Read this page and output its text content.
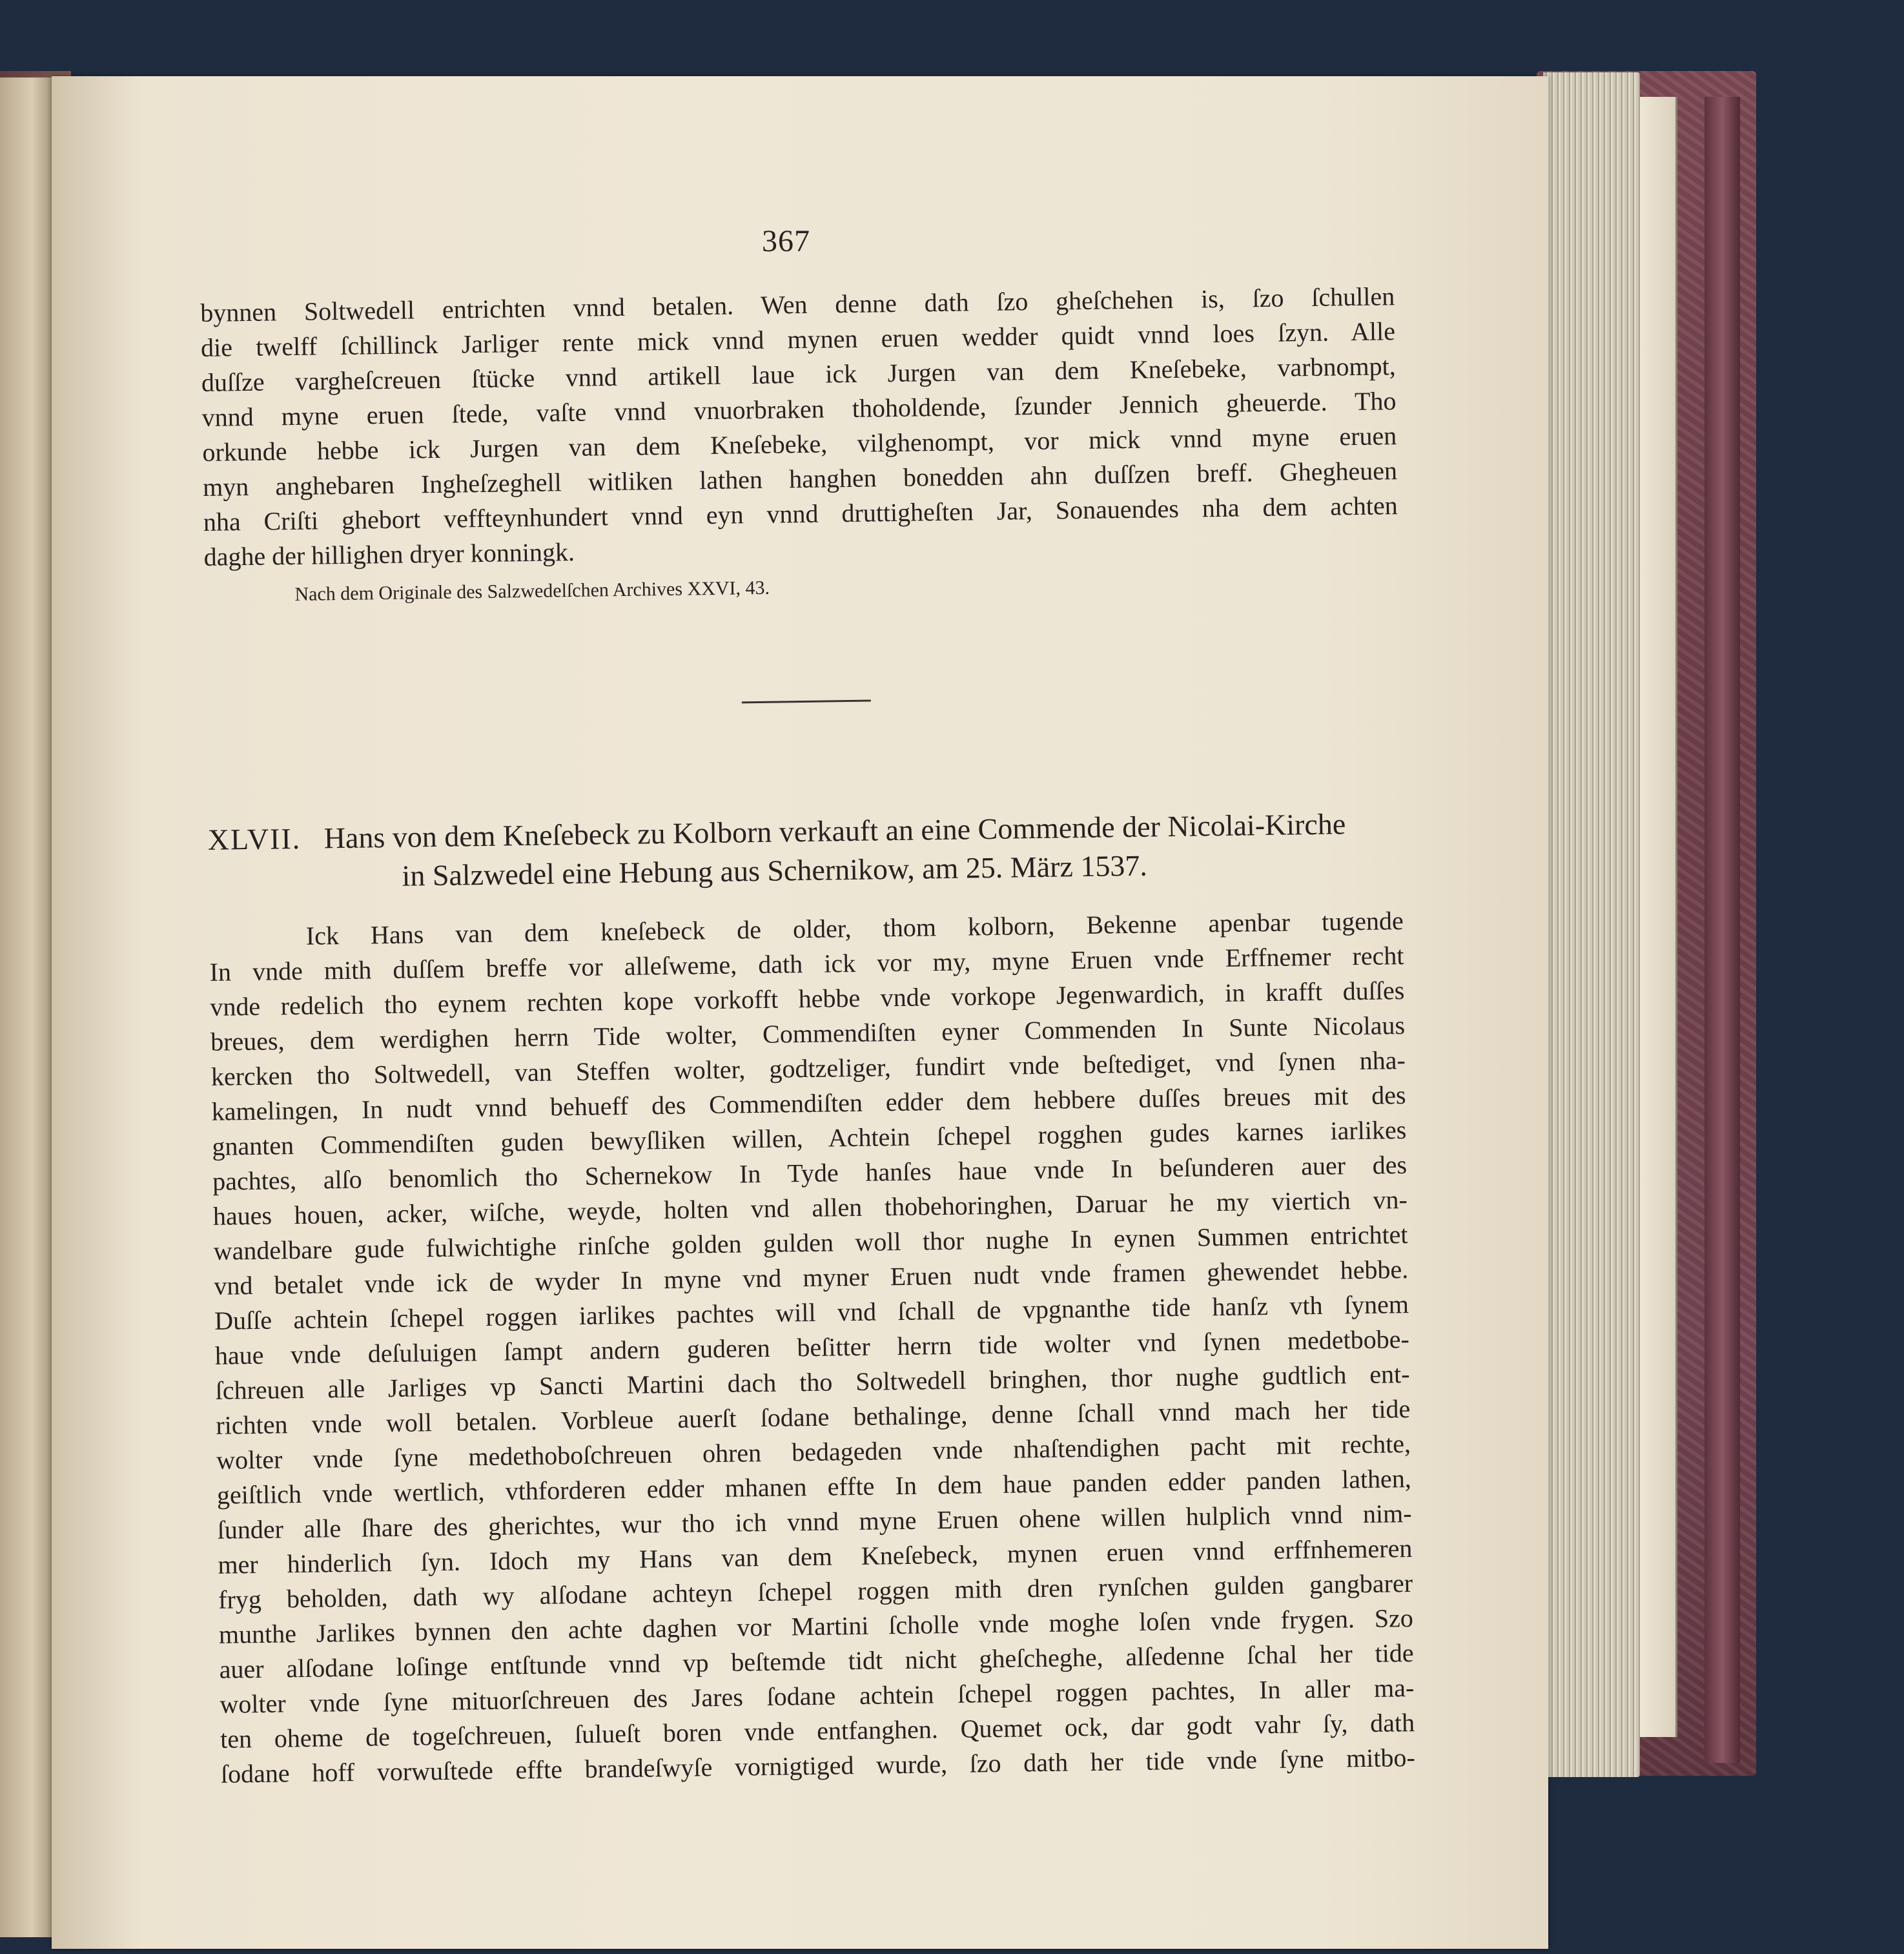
367
bynnen Soltwedell entrichten vnnd betalen. Wen denne dath ſzo gheſchehen is, ſzo ſchullen
die twelff ſchillinck Jarliger rente mick vnnd mynen eruen wedder quidt vnnd loes ſzyn. Alle
duſſze vargheſcreuen ſtücke vnnd artikell laue ick Jurgen van dem Kneſebeke, varbnompt,
vnnd myne eruen ſtede, vaſte vnnd vnuorbraken thoholdende, ſzunder Jennich gheuerde. Tho
orkunde hebbe ick Jurgen van dem Kneſebeke, vilghenompt, vor mick vnnd myne eruen
myn anghebaren Ingheſzeghell witliken lathen hanghen bonedden ahn duſſzen breff. Ghegheuen
nha Criſti ghebort veffteynhundert vnnd eyn vnnd druttigheſten Jar, Sonauendes nha dem achten
daghe der hillighen dryer konningk.
Nach dem Originale des Salzwedelſchen Archives XXVI, 43.
XLVII. Hans von dem Kneſebeck zu Kolborn verkauft an eine Commende der Nicolai-Kirche
in Salzwedel eine Hebung aus Schernikow, am 25. März 1537.
Ick Hans van dem kneſebeck de older, thom kolborn, Bekenne apenbar tugende
In vnde mith duſſem breffe vor alleſweme, dath ick vor my, myne Eruen vnde Erffnemer recht
vnde redelich tho eynem rechten kope vorkofft hebbe vnde vorkope Jegenwardich, in krafft duſſes
breues, dem werdighen herrn Tide wolter, Commendiſten eyner Commenden In Sunte Nicolaus
kercken tho Soltwedell, van Steffen wolter, godtzeliger, fundirt vnde beſtediget, vnd ſynen nha-
kamelingen, In nudt vnnd behueff des Commendiſten edder dem hebbere duſſes breues mit des
gnanten Commendiſten guden bewyſliken willen, Achtein ſchepel rogghen gudes karnes iarlikes
pachtes, alſo benomlich tho Schernekow In Tyde hanſes haue vnde In beſunderen auer des
haues houen, acker, wiſche, weyde, holten vnd allen thobehoringhen, Daruar he my viertich vn-
wandelbare gude fulwichtighe rinſche golden gulden woll thor nughe In eynen Summen entrichtet
vnd betalet vnde ick de wyder In myne vnd myner Eruen nudt vnde framen ghewendet hebbe.
Duſſe achtein ſchepel roggen iarlikes pachtes will vnd ſchall de vpgnanthe tide hanſz vth ſynem
haue vnde deſuluigen ſampt andern guderen beſitter herrn tide wolter vnd ſynen medetbobe-
ſchreuen alle Jarliges vp Sancti Martini dach tho Soltwedell bringhen, thor nughe gudtlich ent-
richten vnde woll betalen. Vorbleue auerſt ſodane bethalinge, denne ſchall vnnd mach her tide
wolter vnde ſyne medethoboſchreuen ohren bedageden vnde nhaſtendighen pacht mit rechte,
geiſtlich vnde wertlich, vthforderen edder mhanen effte In dem haue panden edder panden lathen,
ſunder alle ſhare des gherichtes, wur tho ich vnnd myne Eruen ohene willen hulplich vnnd nim-
mer hinderlich ſyn. Idoch my Hans van dem Kneſebeck, mynen eruen vnnd erffnhemeren
fryg beholden, dath wy alſodane achteyn ſchepel roggen mith dren rynſchen gulden gangbarer
munthe Jarlikes bynnen den achte daghen vor Martini ſcholle vnde moghe loſen vnde frygen. Szo
auer alſodane loſinge entſtunde vnnd vp beſtemde tidt nicht gheſcheghe, alſedenne ſchal her tide
wolter vnde ſyne mituorſchreuen des Jares ſodane achtein ſchepel roggen pachtes, In aller ma-
ten oheme de togeſchreuen, ſulueſt boren vnde entfanghen. Quemet ock, dar godt vahr ſy, dath
ſodane hoff vorwuſtede effte brandeſwyſe vornigtiged wurde, ſzo dath her tide vnde ſyne mitbo-
